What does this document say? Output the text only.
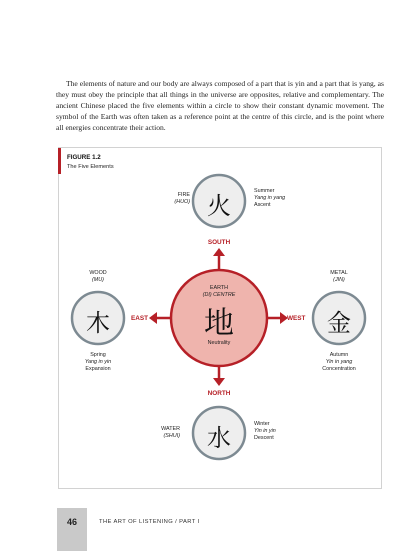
The elements of nature and our body are always composed of a part that is yin and a part that is yang, as they must obey the principle that all things in the universe are opposites, relative and complementary. The ancient Chinese placed the five elements within a circle to show their constant dynamic movement. The symbol of the Earth was often taken as a reference point at the centre of this circle, and is the point where all energies concentrate their action.

FIGURE 1.2
The Five Elements
火
木	金
水
地
EARTH
(DI) CENTRE
Neutrality
SOUTH
NORTH
EAST	WEST
FIRE
(HUO)
Summer
Yang in yang
Ascent
WOOD
(MU)
Spring
Yang in yin
Expansion
METAL
(JIN)
Autumn
Yin in yang
Concentration
WATER
(SHUI)
Winter
Yin in yin
Descent
46	THE ART OF LISTENING / PART I
